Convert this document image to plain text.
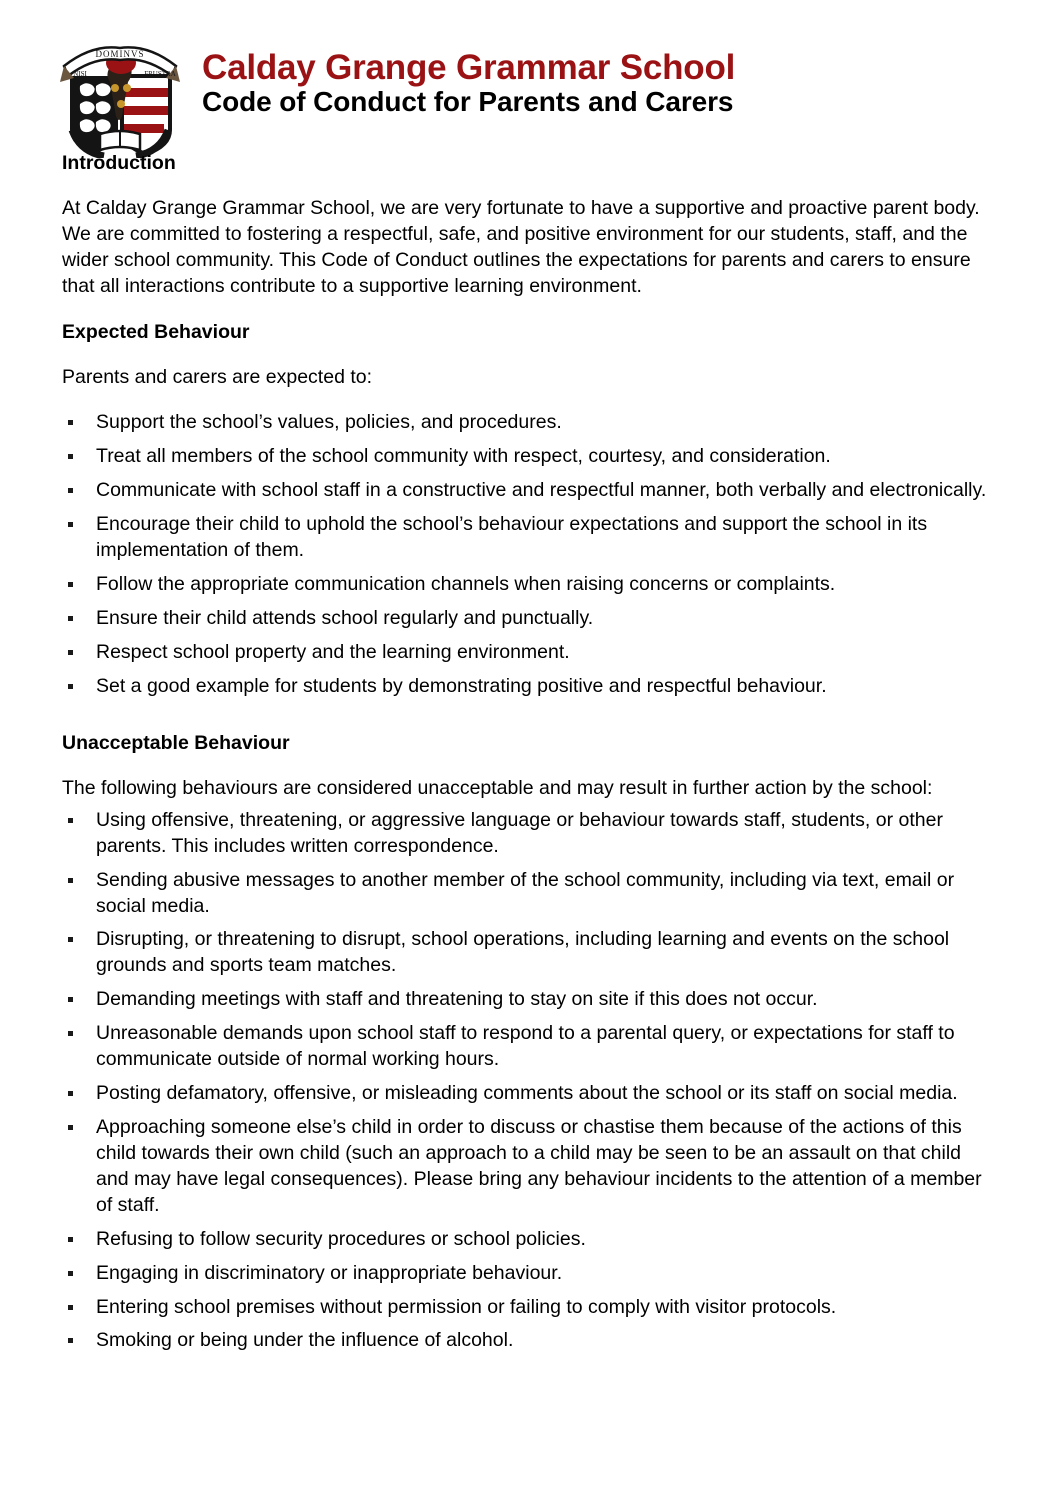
DOMINVS
NISI	FRUSTRA Calday Grange Grammar School
Code of Conduct for Parents and Carers
Introduction

At Calday Grange Grammar School, we are very fortunate to have a supportive and proactive parent body. We are committed to fostering a respectful, safe, and positive environment for our students, staff, and the wider school community. This Code of Conduct outlines the expectations for parents and carers to ensure that all interactions contribute to a supportive learning environment.

Expected Behaviour

Parents and carers are expected to:

Support the school’s values, policies, and procedures.
Treat all members of the school community with respect, courtesy, and consideration.
Communicate with school staff in a constructive and respectful manner, both verbally and electronically.
Encourage their child to uphold the school’s behaviour expectations and support the school in its implementation of them.
Follow the appropriate communication channels when raising concerns or complaints.
Ensure their child attends school regularly and punctually.
Respect school property and the learning environment.
Set a good example for students by demonstrating positive and respectful behaviour.
Unacceptable Behaviour

The following behaviours are considered unacceptable and may result in further action by the school:

Using offensive, threatening, or aggressive language or behaviour towards staff, students, or other parents. This includes written correspondence.
Sending abusive messages to another member of the school community, including via text, email or social media.
Disrupting, or threatening to disrupt, school operations, including learning and events on the school grounds and sports team matches.
Demanding meetings with staff and threatening to stay on site if this does not occur.
Unreasonable demands upon school staff to respond to a parental query, or expectations for staff to communicate outside of normal working hours.
Posting defamatory, offensive, or misleading comments about the school or its staff on social media.
Approaching someone else’s child in order to discuss or chastise them because of the actions of this child towards their own child (such an approach to a child may be seen to be an assault on that child and may have legal consequences). Please bring any behaviour incidents to the attention of a member of staff.
Refusing to follow security procedures or school policies.
Engaging in discriminatory or inappropriate behaviour.
Entering school premises without permission or failing to comply with visitor protocols.
Smoking or being under the influence of alcohol.
